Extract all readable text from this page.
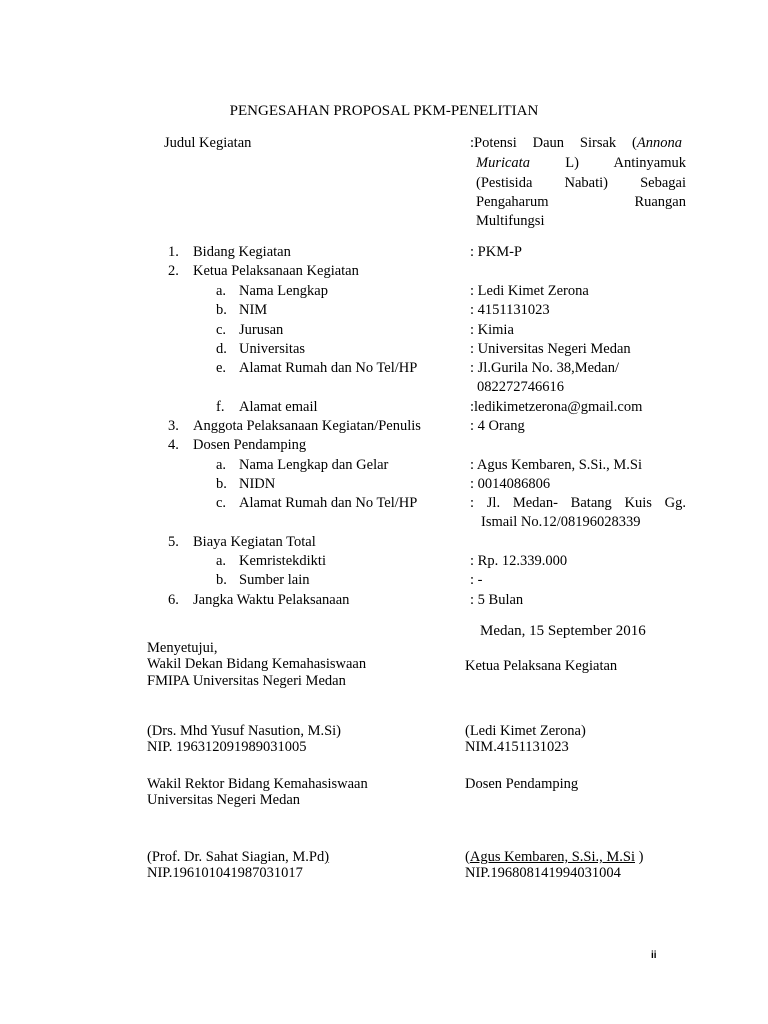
PENGESAHAN PROPOSAL PKM-PENELITIAN
Judul Kegiatan	:Potensi Daun Sirsak (Annona
Muricata L) Antinyamuk
(Pestisida Nabati) Sebagai
Pengaharum Ruangan
Multifungsi
1. Bidang Kegiatan	: PKM-P
2. Ketua Pelaksanaan Kegiatan
a. Nama Lengkap	: Ledi Kimet Zerona
b. NIM	: 4151131023
c. Jurusan	: Kimia
d. Universitas	: Universitas Negeri Medan
e. Alamat Rumah dan No Tel/HP	: Jl.Gurila No. 38,Medan/
082272746616
f. Alamat email	:ledikimetzerona@gmail.com
3. Anggota Pelaksanaan Kegiatan/Penulis	: 4 Orang
4. Dosen Pendamping
a. Nama Lengkap dan Gelar	: Agus Kembaren, S.Si., M.Si
b. NIDN	: 0014086806
c. Alamat Rumah dan No Tel/HP	: Jl. Medan- Batang Kuis Gg.
Ismail No.12/08196028339
5. Biaya Kegiatan Total
a. Kemristekdikti	: Rp. 12.339.000
b. Sumber lain	: -
6. Jangka Waktu Pelaksanaan	: 5 Bulan
Medan, 15 September 2016
Menyetujui,
Wakil Dekan Bidang Kemahasiswaan
FMIPA Universitas Negeri Medan
Ketua Pelaksana Kegiatan
(Drs. Mhd Yusuf Nasution, M.Si)
NIP. 196312091989031005
(Ledi Kimet Zerona)
NIM.4151131023
Wakil Rektor Bidang Kemahasiswaan
Universitas Negeri Medan
Dosen Pendamping
(Prof. Dr. Sahat Siagian, M.Pd)
NIP.196101041987031017
(Agus Kembaren, S.Si., M.Si )
NIP.196808141994031004
ii
